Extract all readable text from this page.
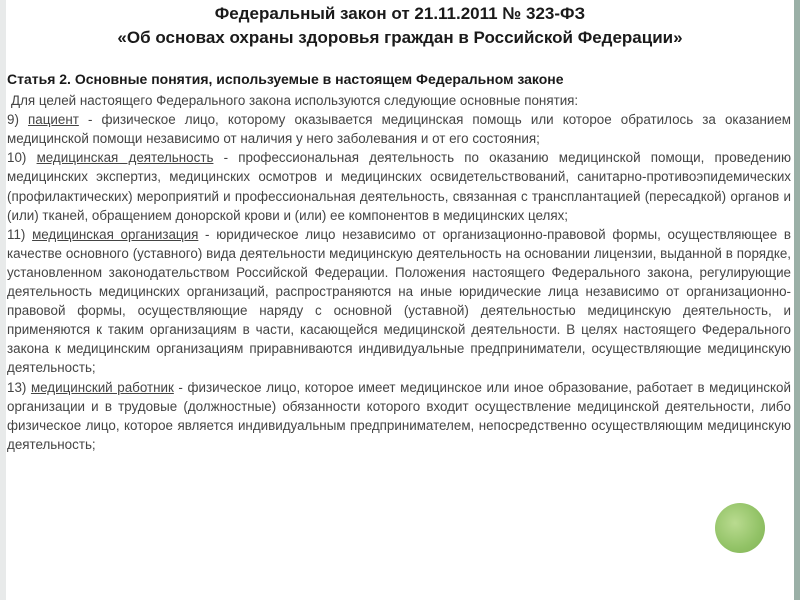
Федеральный закон от 21.11.2011 № 323-ФЗ
«Об основах охраны здоровья граждан в Российской Федерации»
Статья 2. Основные понятия, используемые в настоящем Федеральном законе
Для целей настоящего Федерального закона используются следующие основные понятия:
9) пациент - физическое лицо, которому оказывается медицинская помощь или которое обратилось за оказанием медицинской помощи независимо от наличия у него заболевания и от его состояния;
10) медицинская деятельность - профессиональная деятельность по оказанию медицинской помощи, проведению медицинских экспертиз, медицинских осмотров и медицинских освидетельствований, санитарно-противоэпидемических (профилактических) мероприятий и профессиональная деятельность, связанная с трансплантацией (пересадкой) органов и (или) тканей, обращением донорской крови и (или) ее компонентов в медицинских целях;
11) медицинская организация - юридическое лицо независимо от организационно-правовой формы, осуществляющее в качестве основного (уставного) вида деятельности медицинскую деятельность на основании лицензии, выданной в порядке, установленном законодательством Российской Федерации. Положения настоящего Федерального закона, регулирующие деятельность медицинских организаций, распространяются на иные юридические лица независимо от организационно-правовой формы, осуществляющие наряду с основной (уставной) деятельностью медицинскую деятельность, и применяются к таким организациям в части, касающейся медицинской деятельности. В целях настоящего Федерального закона к медицинским организациям приравниваются индивидуальные предприниматели, осуществляющие медицинскую деятельность;
13) медицинский работник - физическое лицо, которое имеет медицинское или иное образование, работает в медицинской организации и в трудовые (должностные) обязанности которого входит осуществление медицинской деятельности, либо физическое лицо, которое является индивидуальным предпринимателем, непосредственно осуществляющим медицинскую деятельность;
